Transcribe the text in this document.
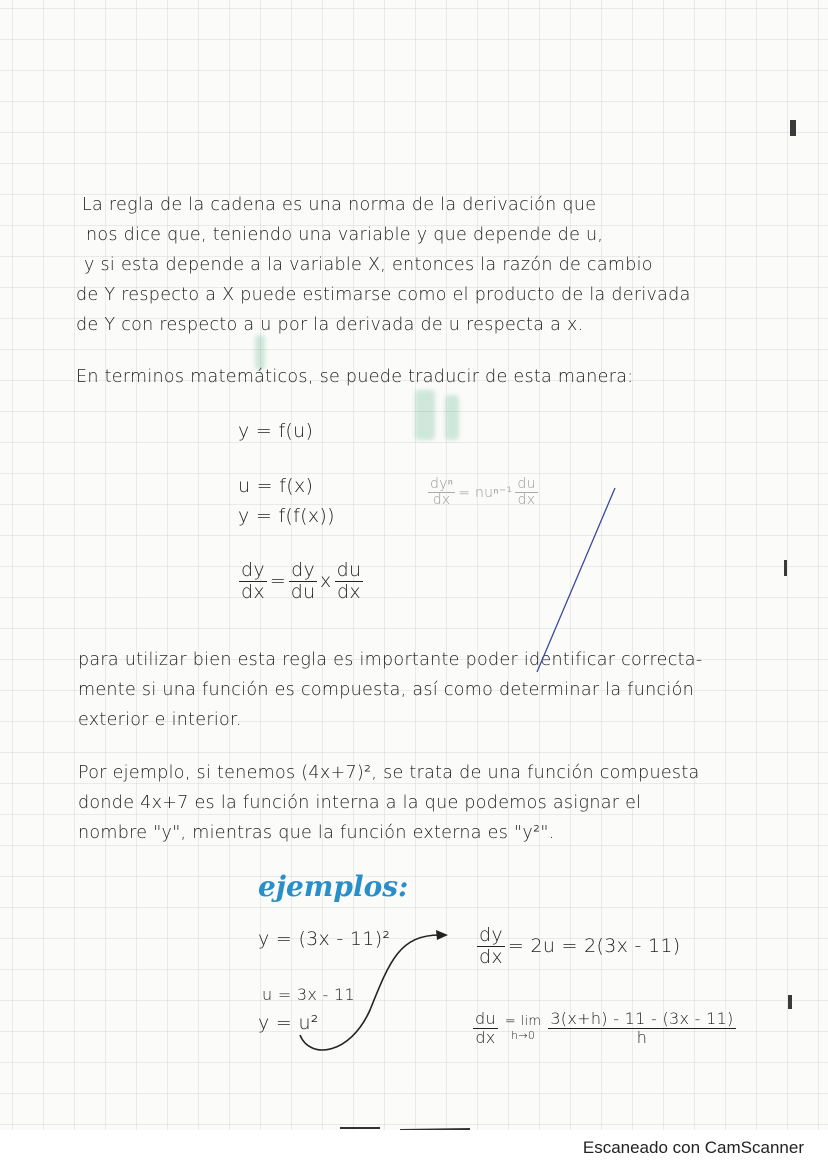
La regla de la cadena es una norma de la derivación que
nos dice que, teniendo una variable y que depende de u,
y si esta depende a la variable X, entonces la razón de cambio
de Y respecto a X puede estimarse como el producto de la derivada
de Y con respecto a u por la derivada de u respecta a x.
En terminos matemáticos, se puede traducir de esta manera:
y = f(u)
u = f(x)
y = f(f(x))
$\frac{\text{dyⁿ}}{dx} = nu^{n-1} \frac{du}{dx}$
$\frac{dy}{dx} = \frac{dy}{du}$ x $\frac{du}{dx}$
para utilizar bien esta regla es importante poder identificar correcta-
mente si una función es compuesta, así como determinar la función
exterior e interior.
Por ejemplo, si tenemos (4x+7)², se trata de una función compuesta
donde 4x+7 es la función interna a la que podemos asignar el
nombre "y", mientras que la función externa es "y²".
ejemplos:
y = (3x - 11)²
u = 3x - 11
y = u²
$\frac{dy}{dx} = 2u = 2(3x - 11)$
$\frac{du}{dx} = \lim$
$h\to 0 \frac{3(x+h) - 11 - (3x - 11)}{h}$
Escaneado con CamScanner
